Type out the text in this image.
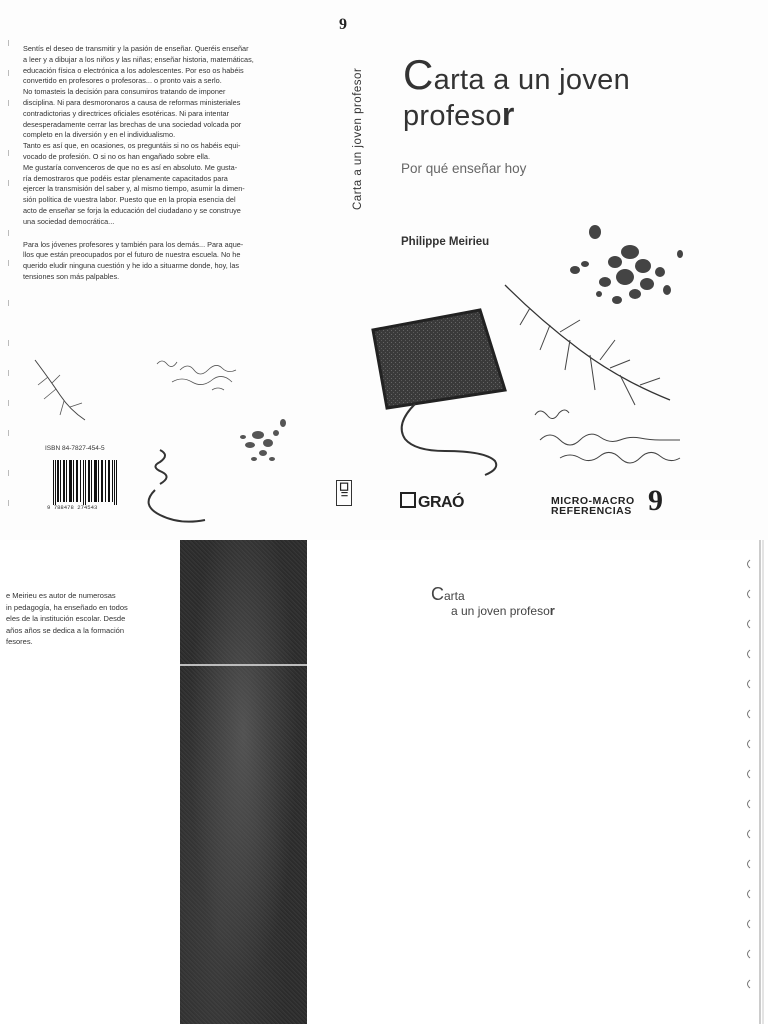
Sentís el deseo de transmitir y la pasión de enseñar. Queréis enseñar
a leer y a dibujar a los niños y las niñas; enseñar historia, matemáticas,
educación física o electrónica a los adolescentes. Por eso os habéis
convertido en profesores o profesoras... o pronto vais a serlo.

No tomasteis la decisión para consumiros tratando de imponer
disciplina. Ni para desmoronaros a causa de reformas ministeriales
contradictorias y directrices oficiales esotéricas. Ni para intentar
desesperadamente cerrar las brechas de una sociedad volcada por
completo en la diversión y en el individualismo.

Tanto es así que, en ocasiones, os preguntáis si no os habéis equi-
vocado de profesión. O si no os han engañado sobre ella.

Me gustaría convenceros de que no es así en absoluto. Me gusta-
ría demostraros que podéis estar plenamente capacitados para
ejercer la transmisión del saber y, al mismo tiempo, asumir la dimen-
sión política de vuestra labor. Puesto que en la propia esencia del
acto de enseñar se forja la educación del ciudadano y se construye
una sociedad democrática...

Para los jóvenes profesores y también para los demás... Para aque-
llos que están preocupados por el futuro de nuestra escuela. No he
querido eludir ninguna cuestión y he ido a situarme donde, hoy, las
tensiones son más palpables.

ISBN 84-7827-454-5
9 788478 274543
9
Carta a un joven profesor Carta a un joven
profesor
Por qué enseñar hoy
Philippe Meirieu
GRAÓ	MICRO-MACRO
REFERENCIAS 9

e Meirieu es autor de numerosas

in pedagogía, ha enseñado en todos

eles de la institución escolar. Desde

años años se dedica a la formación

fesores.

Carta
a un joven profesor
